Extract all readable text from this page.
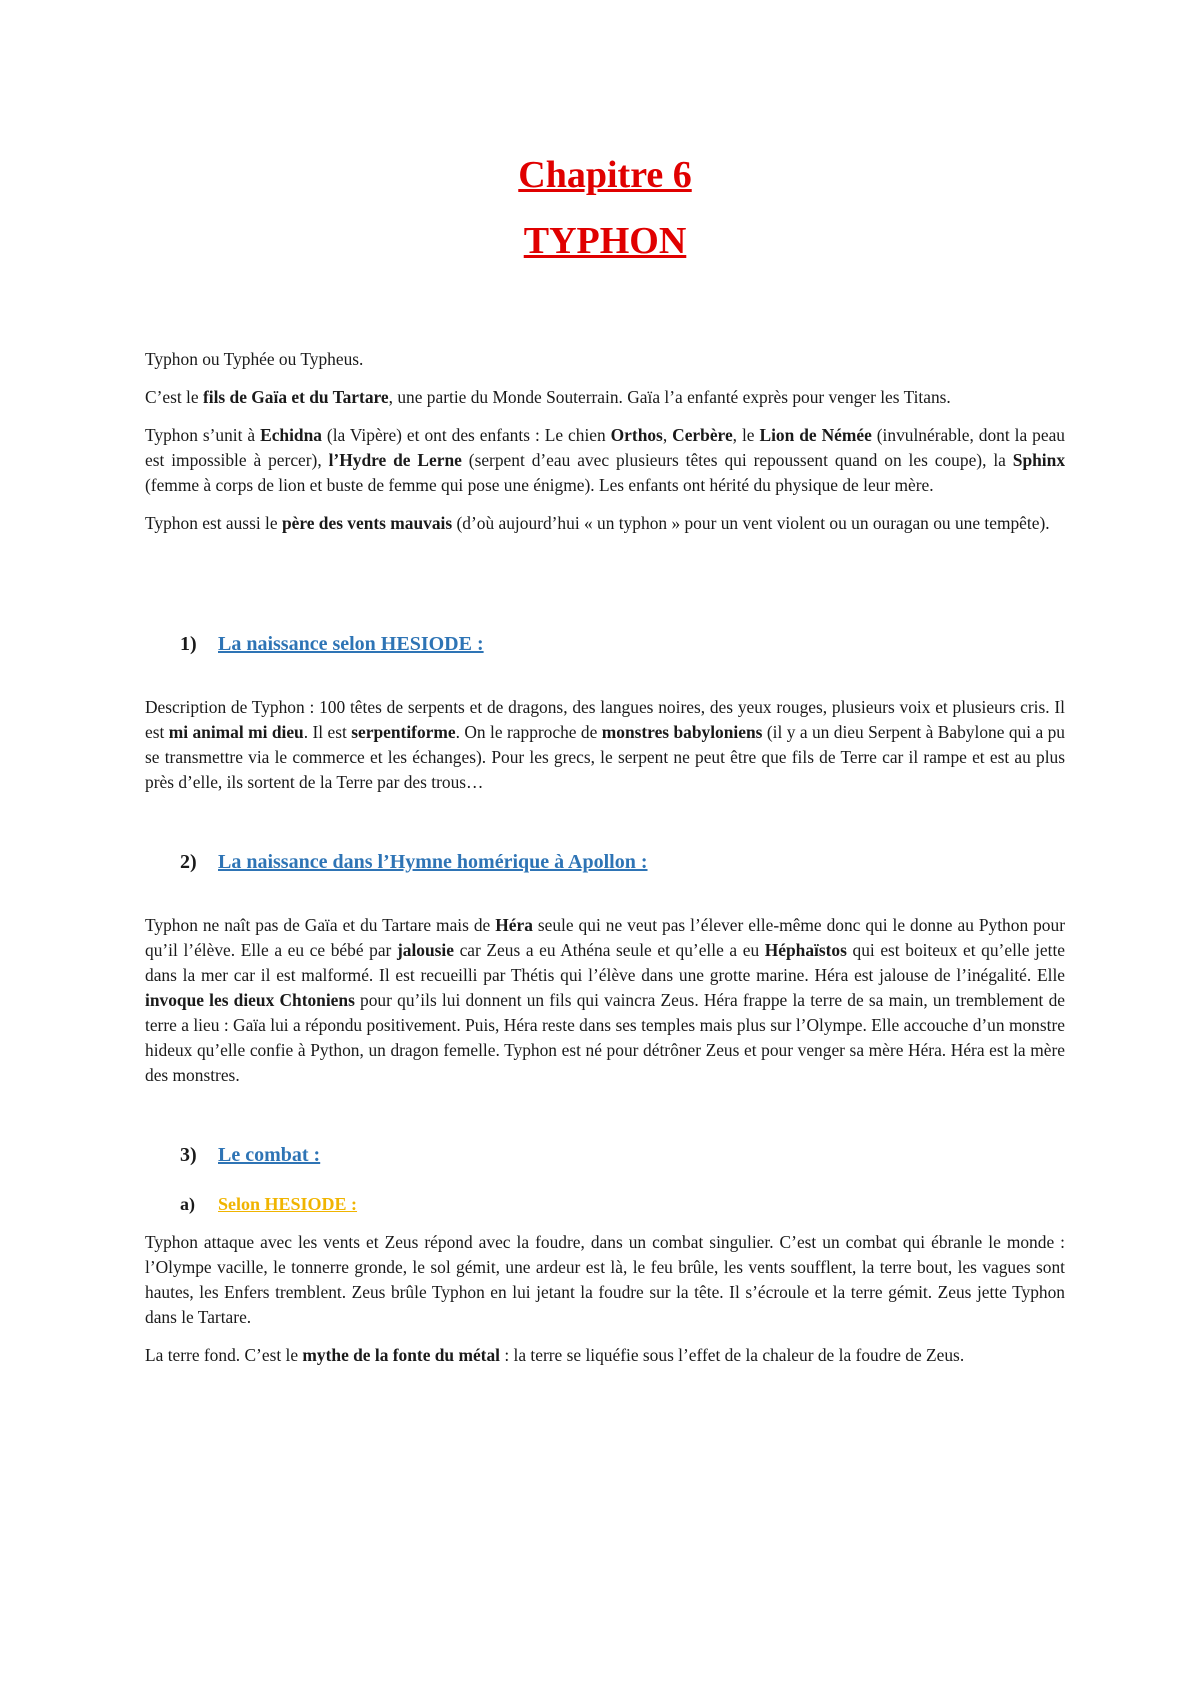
Chapitre 6
TYPHON

Typhon ou Typhée ou Typheus.

C’est le fils de Gaïa et du Tartare, une partie du Monde Souterrain. Gaïa l’a enfanté exprès pour venger les Titans.

Typhon s’unit à Echidna (la Vipère) et ont des enfants : Le chien Orthos, Cerbère, le Lion de Némée (invulnérable, dont la peau est impossible à percer), l’Hydre de Lerne (serpent d’eau avec plusieurs têtes qui repoussent quand on les coupe), la Sphinx (femme à corps de lion et buste de femme qui pose une énigme). Les enfants ont hérité du physique de leur mère.

Typhon est aussi le père des vents mauvais (d’où aujourd’hui « un typhon » pour un vent violent ou un ouragan ou une tempête).

1)	La naissance selon HESIODE :

Description de Typhon : 100 têtes de serpents et de dragons, des langues noires, des yeux rouges, plusieurs voix et plusieurs cris. Il est mi animal mi dieu. Il est serpentiforme. On le rapproche de monstres babyloniens (il y a un dieu Serpent à Babylone qui a pu se transmettre via le commerce et les échanges). Pour les grecs, le serpent ne peut être que fils de Terre car il rampe et est au plus près d’elle, ils sortent de la Terre par des trous…

2)	La naissance dans l’Hymne homérique à Apollon :

Typhon ne naît pas de Gaïa et du Tartare mais de Héra seule qui ne veut pas l’élever elle-même donc qui le donne au Python pour qu’il l’élève. Elle a eu ce bébé par jalousie car Zeus a eu Athéna seule et qu’elle a eu Héphaïstos qui est boiteux et qu’elle jette dans la mer car il est malformé. Il est recueilli par Thétis qui l’élève dans une grotte marine. Héra est jalouse de l’inégalité. Elle invoque les dieux Chtoniens pour qu’ils lui donnent un fils qui vaincra Zeus. Héra frappe la terre de sa main, un tremblement de terre a lieu : Gaïa lui a répondu positivement. Puis, Héra reste dans ses temples mais plus sur l’Olympe. Elle accouche d’un monstre hideux qu’elle confie à Python, un dragon femelle. Typhon est né pour détrôner Zeus et pour venger sa mère Héra. Héra est la mère des monstres.

3)	Le combat :
a)	Selon HESIODE :

Typhon attaque avec les vents et Zeus répond avec la foudre, dans un combat singulier. C’est un combat qui ébranle le monde : l’Olympe vacille, le tonnerre gronde, le sol gémit, une ardeur est là, le feu brûle, les vents soufflent, la terre bout, les vagues sont hautes, les Enfers tremblent. Zeus brûle Typhon en lui jetant la foudre sur la tête. Il s’écroule et la terre gémit. Zeus jette Typhon dans le Tartare.

La terre fond. C’est le mythe de la fonte du métal : la terre se liquéfie sous l’effet de la chaleur de la foudre de Zeus.
